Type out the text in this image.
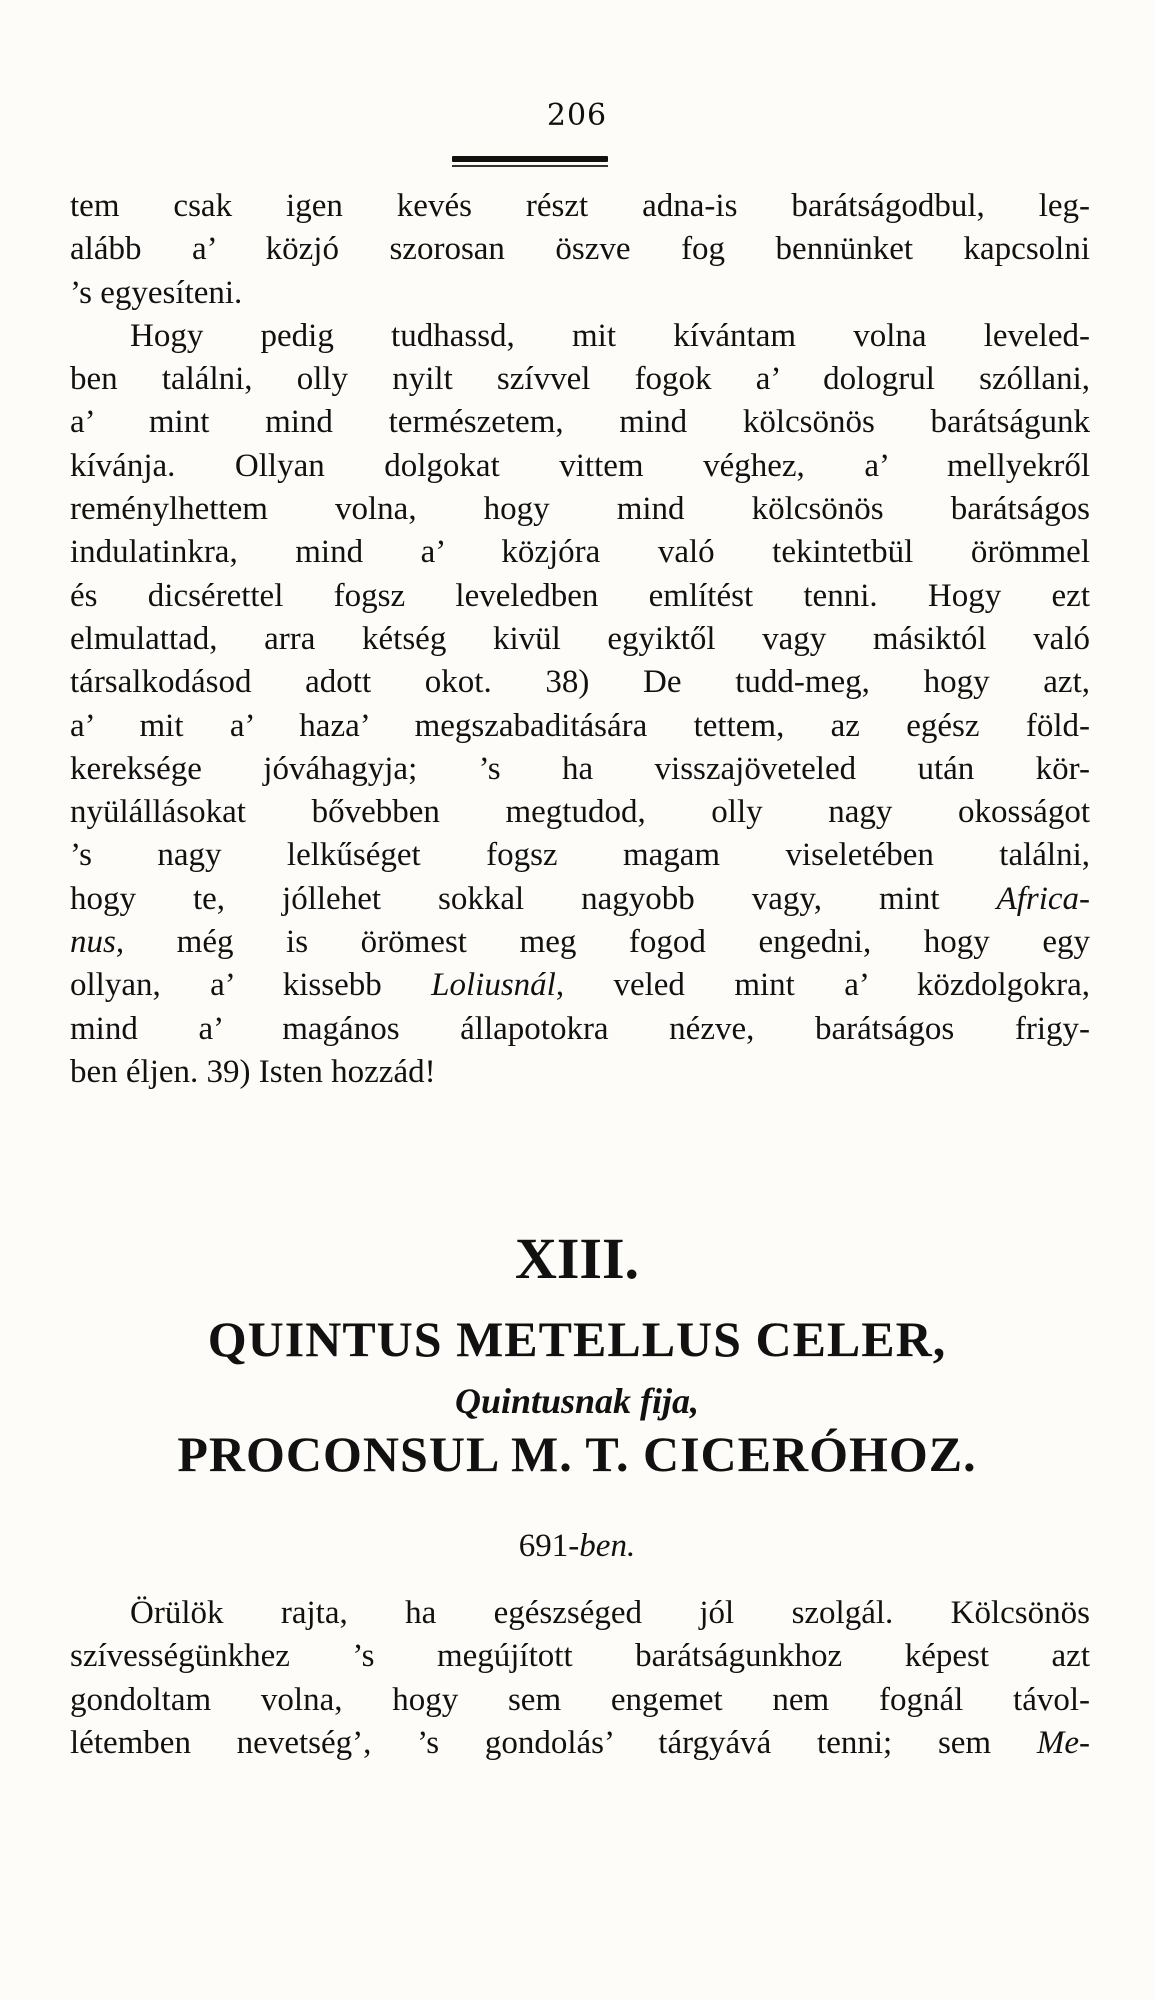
206
tem csak igen kevés részt adna-is barátságodbul, leg-
alább a’ közjó szorosan öszve fog bennünket kapcsolni
’s egyesíteni.
Hogy pedig tudhassd, mit kívántam volna leveled-
ben találni, olly nyilt szívvel fogok a’ dologrul szóllani,
a’ mint mind természetem, mind kölcsönös barátságunk
kívánja. Ollyan dolgokat vittem véghez, a’ mellyekről
reménylhettem volna, hogy mind kölcsönös barátságos
indulatinkra, mind a’ közjóra való tekintetbül örömmel
és dicsérettel fogsz leveledben említést tenni. Hogy ezt
elmulattad, arra kétség kivül egyiktől vagy másiktól való
társalkodásod adott okot. 38) De tudd-meg, hogy azt,
a’ mit a’ haza’ megszabaditására tettem, az egész föld-
kereksége jóváhagyja; ’s ha visszajöveteled után kör-
nyülállásokat bővebben megtudod, olly nagy okosságot
’s nagy lelkűséget fogsz magam viseletében találni,
hogy te, jóllehet sokkal nagyobb vagy, mint Africa-
nus, még is örömest meg fogod engedni, hogy egy
ollyan, a’ kissebb Loliusnál, veled mint a’ közdolgokra,
mind a’ magános állapotokra nézve, barátságos frigy-
ben éljen. 39) Isten hozzád!
XIII.
QUINTUS METELLUS CELER,
Quintusnak fija,
PROCONSUL M. T. CICERÓHOZ.
691-ben.
Örülök rajta, ha egészséged jól szolgál. Kölcsönös
szívességünkhez ’s megújított barátságunkhoz képest azt
gondoltam volna, hogy sem engemet nem fognál távol-
létemben nevetség’, ’s gondolás’ tárgyává tenni; sem Me-
